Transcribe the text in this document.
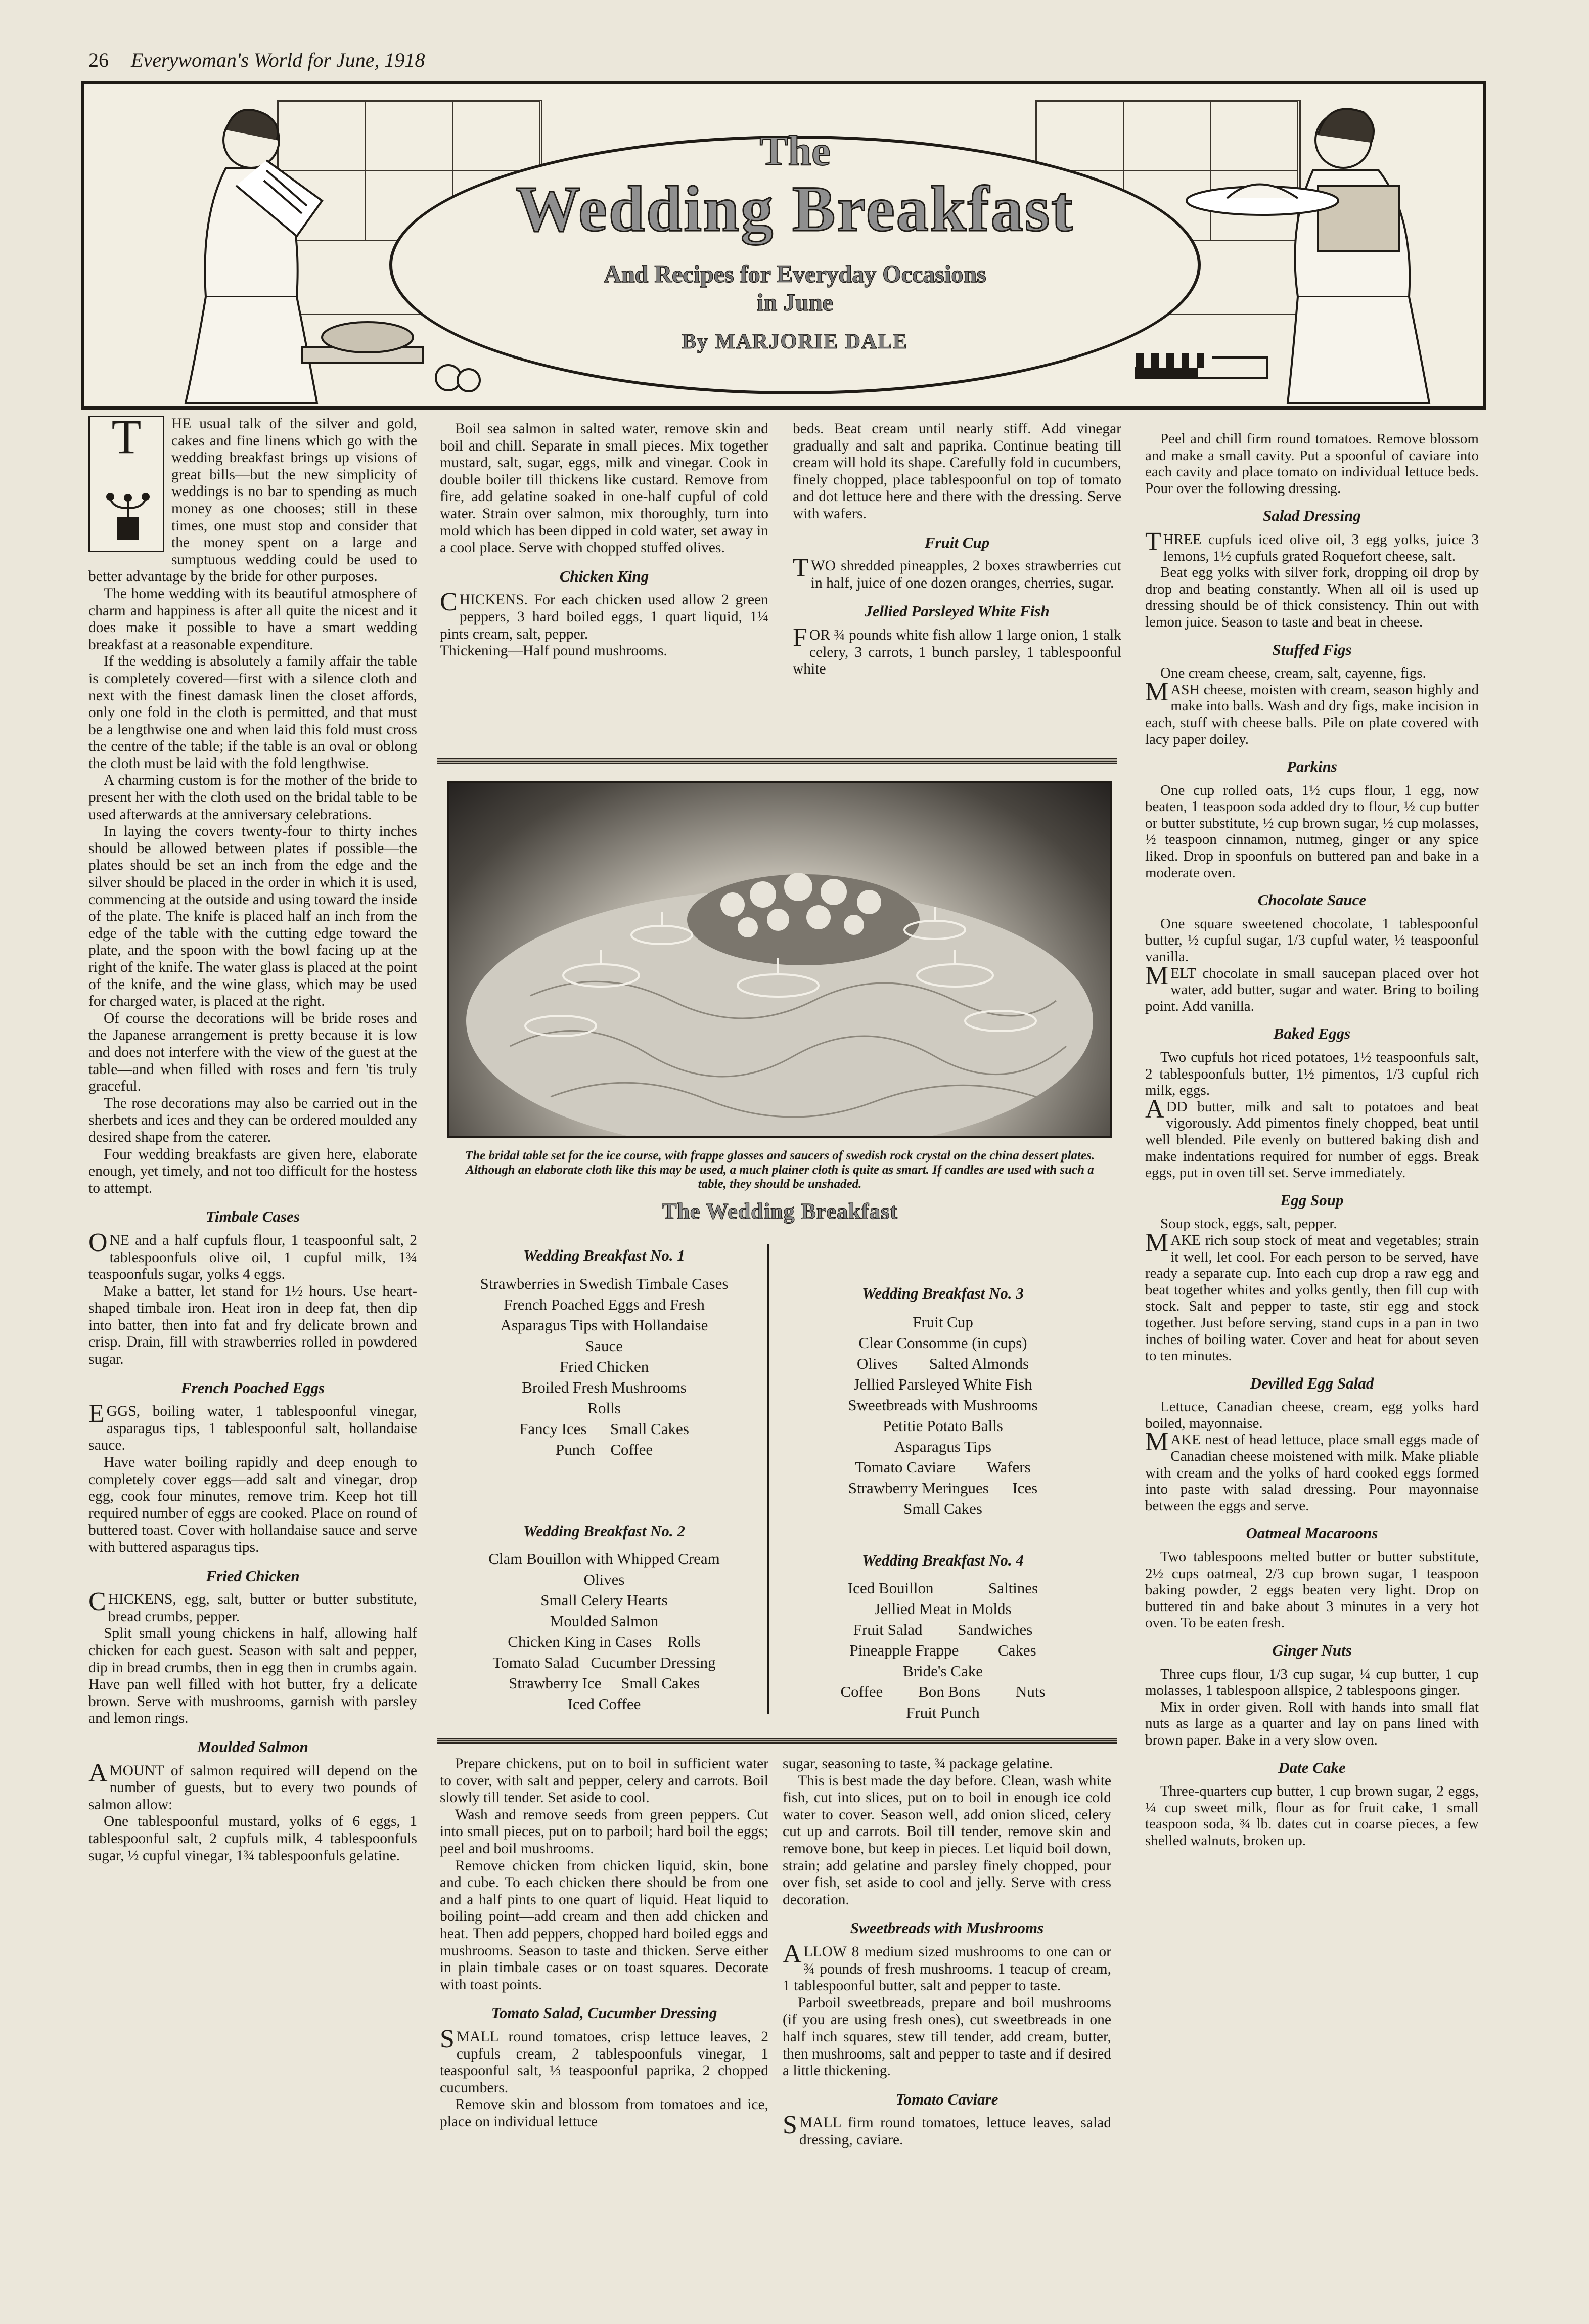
26 Everywoman's World for June, 1918
The
Wedding Breakfast
And Recipes for Everyday Occasions
in June
By MARJORIE DALE
T	HE usual talk of the silver and gold, cakes and fine linens which go with the wedding breakfast brings up visions of great bills—but the new simplicity of weddings is no bar to spending as much money as one chooses; still in these times, one must stop and consider that the money spent on a large and sumptuous wedding could be used to better advantage by the bride for other purposes.

The home wedding with its beautiful atmosphere of charm and happiness is after all quite the nicest and it does make it possible to have a smart wedding breakfast at a reasonable expenditure.

If the wedding is absolutely a family affair the table is completely covered—first with a silence cloth and next with the finest damask linen the closet affords, only one fold in the cloth is permitted, and that must be a lengthwise one and when laid this fold must cross the centre of the table; if the table is an oval or oblong the cloth must be laid with the fold lengthwise.

A charming custom is for the mother of the bride to present her with the cloth used on the bridal table to be used afterwards at the anniversary celebrations.

In laying the covers twenty-four to thirty inches should be allowed between plates if possible—the plates should be set an inch from the edge and the silver should be placed in the order in which it is used, commencing at the outside and using toward the inside of the plate. The knife is placed half an inch from the edge of the table with the cutting edge toward the plate, and the spoon with the bowl facing up at the right of the knife. The water glass is placed at the point of the knife, and the wine glass, which may be used for charged water, is placed at the right.

Of course the decorations will be bride roses and the Japanese arrangement is pretty because it is low and does not interfere with the view of the guest at the table—and when filled with roses and fern 'tis truly graceful.

The rose decorations may also be carried out in the sherbets and ices and they can be ordered moulded any desired shape from the caterer.

Four wedding breakfasts are given here, elaborate enough, yet timely, and not too difficult for the hostess to attempt.

Timbale Cases

ONE and a half cupfuls flour, 1 teaspoonful salt, 2 tablespoonfuls olive oil, 1 cupful milk, 1¾ teaspoonfuls sugar, yolks 4 eggs.

Make a batter, let stand for 1½ hours. Use heart-shaped timbale iron. Heat iron in deep fat, then dip into batter, then into fat and fry delicate brown and crisp. Drain, fill with strawberries rolled in powdered sugar.

French Poached Eggs

EGGS, boiling water, 1 tablespoonful vinegar, asparagus tips, 1 tablespoonful salt, hollandaise sauce.

Have water boiling rapidly and deep enough to completely cover eggs—add salt and vinegar, drop egg, cook four minutes, remove trim. Keep hot till required number of eggs are cooked. Place on round of buttered toast. Cover with hollandaise sauce and serve with buttered asparagus tips.

Fried Chicken

CHICKENS, egg, salt, butter or butter substitute, bread crumbs, pepper.

Split small young chickens in half, allowing half chicken for each guest. Season with salt and pepper, dip in bread crumbs, then in egg then in crumbs again. Have pan well filled with hot butter, fry a delicate brown. Serve with mushrooms, garnish with parsley and lemon rings.

Moulded Salmon

AMOUNT of salmon required will depend on the number of guests, but to every two pounds of salmon allow:

One tablespoonful mustard, yolks of 6 eggs, 1 tablespoonful salt, 2 cupfuls milk, 4 tablespoonfuls sugar, ½ cupful vinegar, 1¾ tablespoonfuls gelatine.

Boil sea salmon in salted water, remove skin and boil and chill. Separate in small pieces. Mix together mustard, salt, sugar, eggs, milk and vinegar. Cook in double boiler till thickens like custard. Remove from fire, add gelatine soaked in one-half cupful of cold water. Strain over salmon, mix thoroughly, turn into mold which has been dipped in cold water, set away in a cool place. Serve with chopped stuffed olives.

Chicken King

CHICKENS. For each chicken used allow 2 green peppers, 3 hard boiled eggs, 1 quart liquid, 1¼ pints cream, salt, pepper.

Thickening—Half pound mushrooms.

beds. Beat cream until nearly stiff. Add vinegar gradually and salt and paprika. Continue beating till cream will hold its shape. Carefully fold in cucumbers, finely chopped, place tablespoonful on top of tomato and dot lettuce here and there with the dressing. Serve with wafers.

Fruit Cup

TWO shredded pineapples, 2 boxes strawberries cut in half, juice of one dozen oranges, cherries, sugar.

Jellied Parsleyed White Fish

FOR ¾ pounds white fish allow 1 large onion, 1 stalk celery, 3 carrots, 1 bunch parsley, 1 tablespoonful white

The bridal table set for the ice course, with frappe glasses and saucers of swedish rock crystal on the china dessert plates. Although an elaborate cloth like this may be used, a much plainer cloth is quite as smart. If candles are used with such a table, they should be unshaded.
The Wedding Breakfast
Wedding Breakfast No. 1
Strawberries in Swedish Timbale Cases
French Poached Eggs and Fresh
Asparagus Tips with Hollandaise
Sauce
Fried Chicken
Broiled Fresh Mushrooms
Rolls
Fancy Ices Small Cakes
Punch Coffee
Wedding Breakfast No. 2
Clam Bouillon with Whipped Cream
Olives
Small Celery Hearts
Moulded Salmon
Chicken King in Cases Rolls
Tomato Salad Cucumber Dressing
Strawberry Ice Small Cakes
Iced Coffee
Wedding Breakfast No. 3
Fruit Cup
Clear Consomme (in cups)
Olives Salted Almonds
Jellied Parsleyed White Fish
Sweetbreads with Mushrooms
Petitie Potato Balls
Asparagus Tips
Tomato Caviare Wafers
Strawberry Meringues Ices
Small Cakes
Wedding Breakfast No. 4
Iced Bouillon	Saltines
Jellied Meat in Molds
Fruit Salad Sandwiches
Pineapple Frappe	Cakes
Bride's Cake
Coffee Bon Bons Nuts
Fruit Punch

Prepare chickens, put on to boil in sufficient water to cover, with salt and pepper, celery and carrots. Boil slowly till tender. Set aside to cool.

Wash and remove seeds from green peppers. Cut into small pieces, put on to parboil; hard boil the eggs; peel and boil mushrooms.

Remove chicken from chicken liquid, skin, bone and cube. To each chicken there should be from one and a half pints to one quart of liquid. Heat liquid to boiling point—add cream and then add chicken and heat. Then add peppers, chopped hard boiled eggs and mushrooms. Season to taste and thicken. Serve either in plain timbale cases or on toast squares. Decorate with toast points.

Tomato Salad, Cucumber Dressing

SMALL round tomatoes, crisp lettuce leaves, 2 cupfuls cream, 2 tablespoonfuls vinegar, 1 teaspoonful salt, ⅓ teaspoonful paprika, 2 chopped cucumbers.

Remove skin and blossom from tomatoes and ice, place on individual lettuce

sugar, seasoning to taste, ¾ package gelatine.

This is best made the day before. Clean, wash white fish, cut into slices, put on to boil in enough ice cold water to cover. Season well, add onion sliced, celery cut up and carrots. Boil till tender, remove skin and remove bone, but keep in pieces. Let liquid boil down, strain; add gelatine and parsley finely chopped, pour over fish, set aside to cool and jelly. Serve with cress decoration.

Sweetbreads with Mushrooms

ALLOW 8 medium sized mushrooms to one can or ¾ pounds of fresh mushrooms. 1 teacup of cream, 1 tablespoonful butter, salt and pepper to taste.

Parboil sweetbreads, prepare and boil mushrooms (if you are using fresh ones), cut sweetbreads in one half inch squares, stew till tender, add cream, butter, then mushrooms, salt and pepper to taste and if desired a little thickening.

Tomato Caviare

SMALL firm round tomatoes, lettuce leaves, salad dressing, caviare.

Peel and chill firm round tomatoes. Remove blossom and make a small cavity. Put a spoonful of caviare into each cavity and place tomato on individual lettuce beds. Pour over the following dressing.

Salad Dressing

THREE cupfuls iced olive oil, 3 egg yolks, juice 3 lemons, 1½ cupfuls grated Roquefort cheese, salt.

Beat egg yolks with silver fork, dropping oil drop by drop and beating constantly. When all oil is used up dressing should be of thick consistency. Thin out with lemon juice. Season to taste and beat in cheese.

Stuffed Figs

One cream cheese, cream, salt, cayenne, figs.

MASH cheese, moisten with cream, season highly and make into balls. Wash and dry figs, make incision in each, stuff with cheese balls. Pile on plate covered with lacy paper doiley.

Parkins

One cup rolled oats, 1½ cups flour, 1 egg, now beaten, 1 teaspoon soda added dry to flour, ½ cup butter or butter substitute, ½ cup brown sugar, ½ cup molasses, ½ teaspoon cinnamon, nutmeg, ginger or any spice liked. Drop in spoonfuls on buttered pan and bake in a moderate oven.

Chocolate Sauce

One square sweetened chocolate, 1 tablespoonful butter, ½ cupful sugar, 1/3 cupful water, ½ teaspoonful vanilla.

MELT chocolate in small saucepan placed over hot water, add butter, sugar and water. Bring to boiling point. Add vanilla.

Baked Eggs

Two cupfuls hot riced potatoes, 1½ teaspoonfuls salt, 2 tablespoonfuls butter, 1½ pimentos, 1/3 cupful rich milk, eggs.

ADD butter, milk and salt to potatoes and beat vigorously. Add pimentos finely chopped, beat until well blended. Pile evenly on buttered baking dish and make indentations required for number of eggs. Break eggs, put in oven till set. Serve immediately.

Egg Soup

Soup stock, eggs, salt, pepper.

MAKE rich soup stock of meat and vegetables; strain it well, let cool. For each person to be served, have ready a separate cup. Into each cup drop a raw egg and beat together whites and yolks gently, then fill cup with stock. Salt and pepper to taste, stir egg and stock together. Just before serving, stand cups in a pan in two inches of boiling water. Cover and heat for about seven to ten minutes.

Devilled Egg Salad

Lettuce, Canadian cheese, cream, egg yolks hard boiled, mayonnaise.

MAKE nest of head lettuce, place small eggs made of Canadian cheese moistened with milk. Make pliable with cream and the yolks of hard cooked eggs formed into paste with salad dressing. Pour mayonnaise between the eggs and serve.

Oatmeal Macaroons

Two tablespoons melted butter or butter substitute, 2½ cups oatmeal, 2/3 cup brown sugar, 1 teaspoon baking powder, 2 eggs beaten very light. Drop on buttered tin and bake about 3 minutes in a very hot oven. To be eaten fresh.

Ginger Nuts

Three cups flour, 1/3 cup sugar, ¼ cup butter, 1 cup molasses, 1 tablespoon allspice, 2 tablespoons ginger.

Mix in order given. Roll with hands into small flat nuts as large as a quarter and lay on pans lined with brown paper. Bake in a very slow oven.

Date Cake

Three-quarters cup butter, 1 cup brown sugar, 2 eggs, ¼ cup sweet milk, flour as for fruit cake, 1 small teaspoon soda, ¾ lb. dates cut in coarse pieces, a few shelled walnuts, broken up.
